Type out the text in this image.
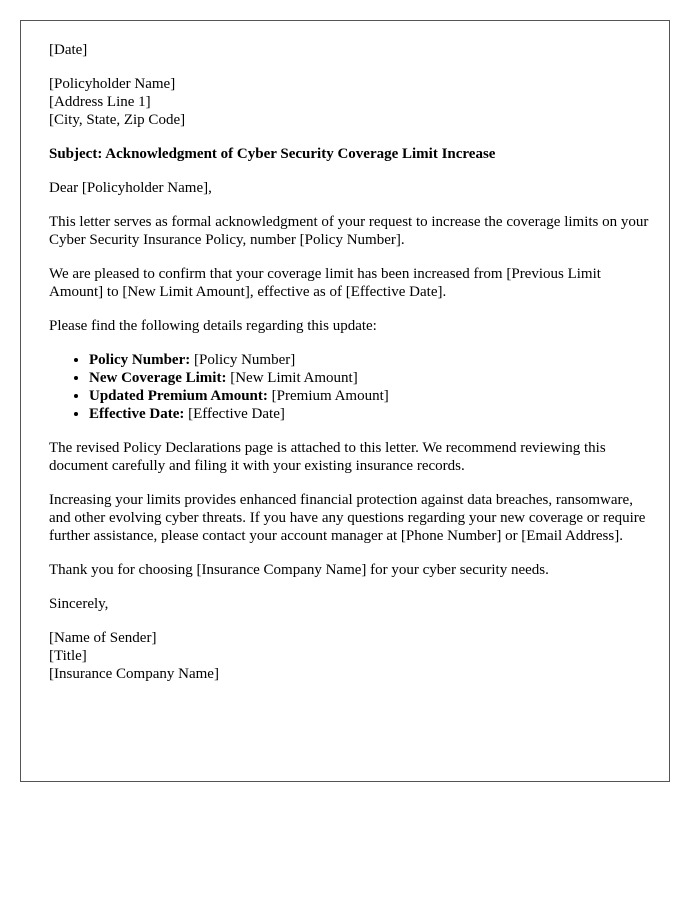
[Date]

[Policyholder Name]
[Address Line 1]
[City, State, Zip Code]

Subject: Acknowledgment of Cyber Security Coverage Limit Increase

Dear [Policyholder Name],

This letter serves as formal acknowledgment of your request to increase the coverage limits on your Cyber Security Insurance Policy, number [Policy Number].

We are pleased to confirm that your coverage limit has been increased from [Previous Limit Amount] to [New Limit Amount], effective as of [Effective Date].

Please find the following details regarding this update:

• Policy Number: [Policy Number]
• New Coverage Limit: [New Limit Amount]
• Updated Premium Amount: [Premium Amount]
• Effective Date: [Effective Date]

The revised Policy Declarations page is attached to this letter. We recommend reviewing this document carefully and filing it with your existing insurance records.

Increasing your limits provides enhanced financial protection against data breaches, ransomware, and other evolving cyber threats. If you have any questions regarding your new coverage or require further assistance, please contact your account manager at [Phone Number] or [Email Address].

Thank you for choosing [Insurance Company Name] for your cyber security needs.

Sincerely,

[Name of Sender]
[Title]
[Insurance Company Name]
